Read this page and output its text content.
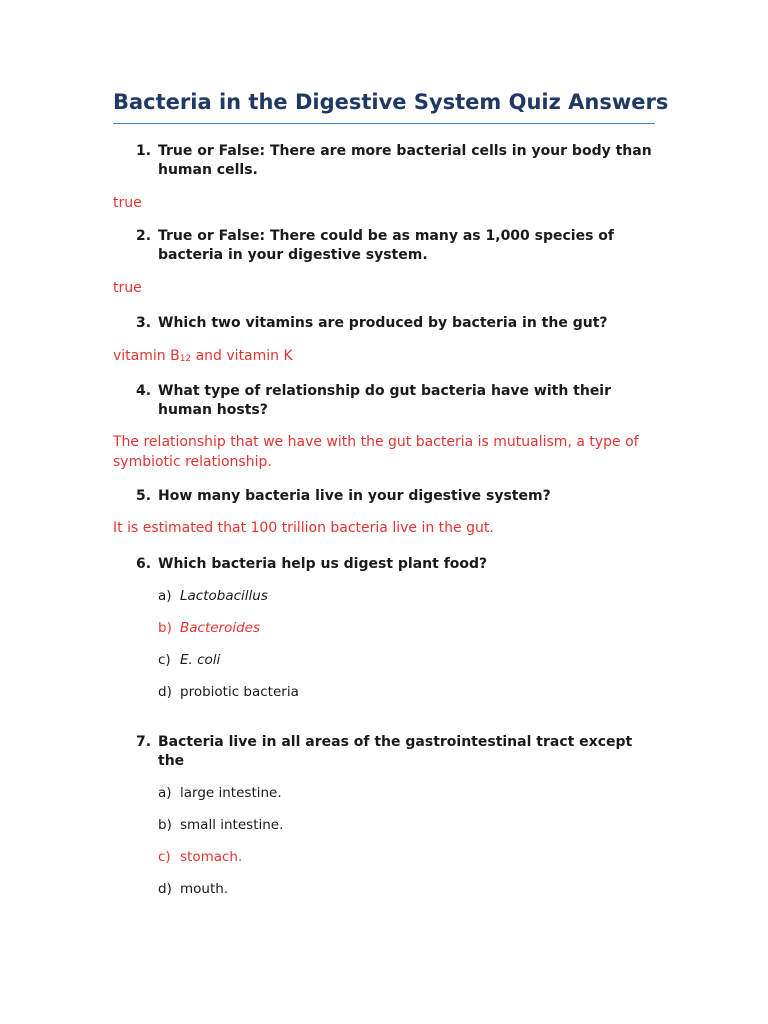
Bacteria in the Digestive System Quiz Answers
1. True or False: There are more bacterial cells in your body than human cells.
true
2. True or False: There could be as many as 1,000 species of bacteria in your digestive system.
true
3. Which two vitamins are produced by bacteria in the gut?
vitamin $B_{12}$ and vitamin K
4. What type of relationship do gut bacteria have with their human hosts?
The relationship that we have with the gut bacteria is mutualism, a type of symbiotic relationship.
5. How many bacteria live in your digestive system?
It is estimated that 100 trillion bacteria live in the gut.
6. Which bacteria help us digest plant food?
a) Lactobacillus
b) Bacteroides
c) E. coli
d) probiotic bacteria
7. Bacteria live in all areas of the gastrointestinal tract except the
a) large intestine.
b) small intestine.
c) stomach.
d) mouth.
